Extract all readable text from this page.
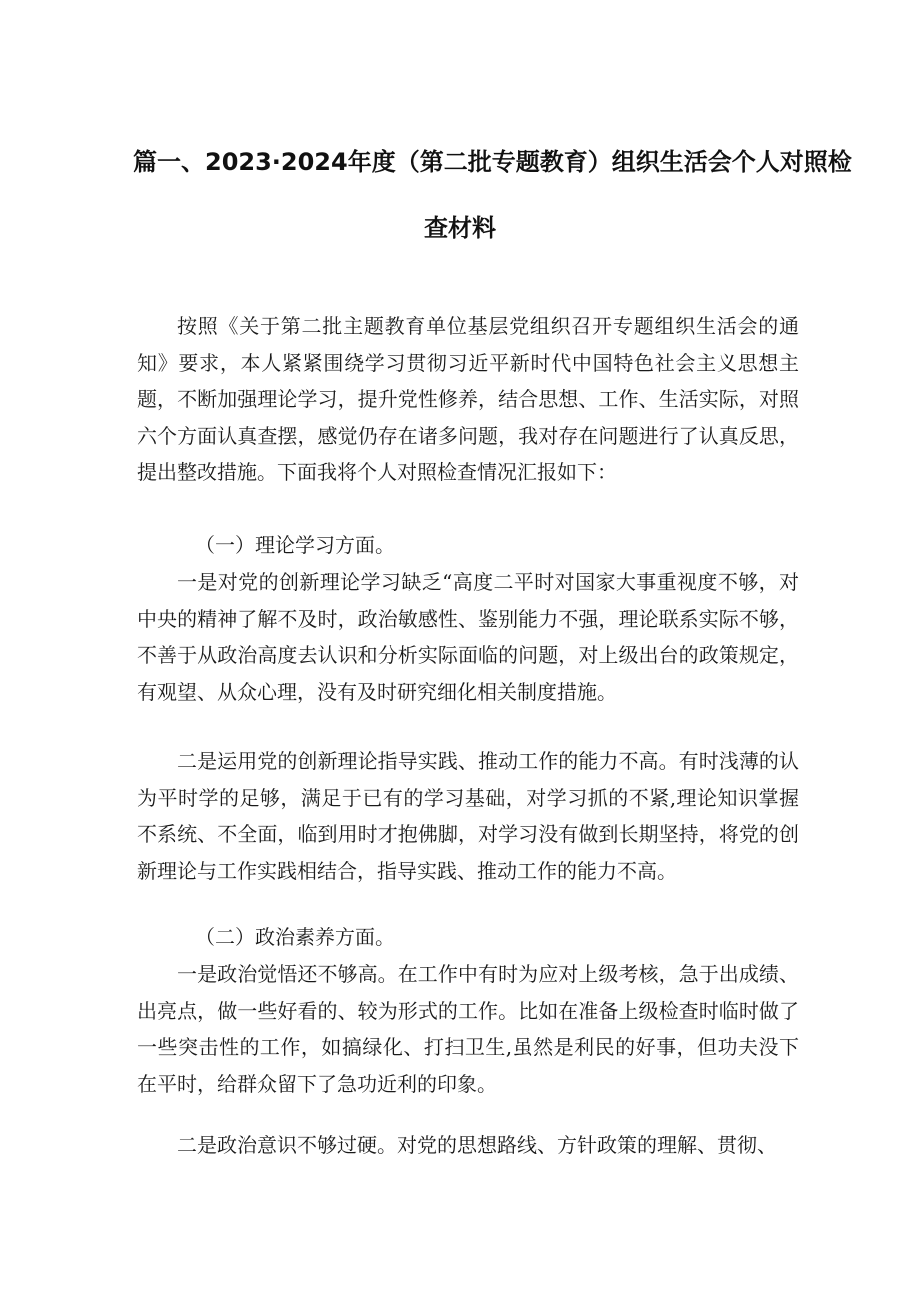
篇一、2023·2024年度（第二批专题教育）组织生活会个人对照检
查材料

按照《关于第二批主题教育单位基层党组织召开专题组织生活会的通知》要求，本人紧紧围绕学习贯彻习近平新时代中国特色社会主义思想主题，不断加强理论学习，提升党性修养，结合思想、工作、生活实际，对照六个方面认真查摆，感觉仍存在诸多问题，我对存在问题进行了认真反思，提出整改措施。下面我将个人对照检查情况汇报如下：

（一）理论学习方面。

一是对党的创新理论学习缺乏“高度二平时对国家大事重视度不够，对中央的精神了解不及时，政治敏感性、鉴别能力不强，理论联系实际不够，不善于从政治高度去认识和分析实际面临的问题，对上级出台的政策规定，有观望、从众心理，没有及时研究细化相关制度措施。

二是运用党的创新理论指导实践、推动工作的能力不高。有时浅薄的认为平时学的足够，满足于已有的学习基础，对学习抓的不紧,理论知识掌握不系统、不全面，临到用时才抱佛脚，对学习没有做到长期坚持，将党的创新理论与工作实践相结合，指导实践、推动工作的能力不高。

（二）政治素养方面。

一是政治觉悟还不够高。在工作中有时为应对上级考核，急于出成绩、出亮点，做一些好看的、较为形式的工作。比如在准备上级检查时临时做了一些突击性的工作，如搞绿化、打扫卫生,虽然是利民的好事，但功夫没下在平时，给群众留下了急功近利的印象。

二是政治意识不够过硬。对党的思想路线、方针政策的理解、贯彻、
